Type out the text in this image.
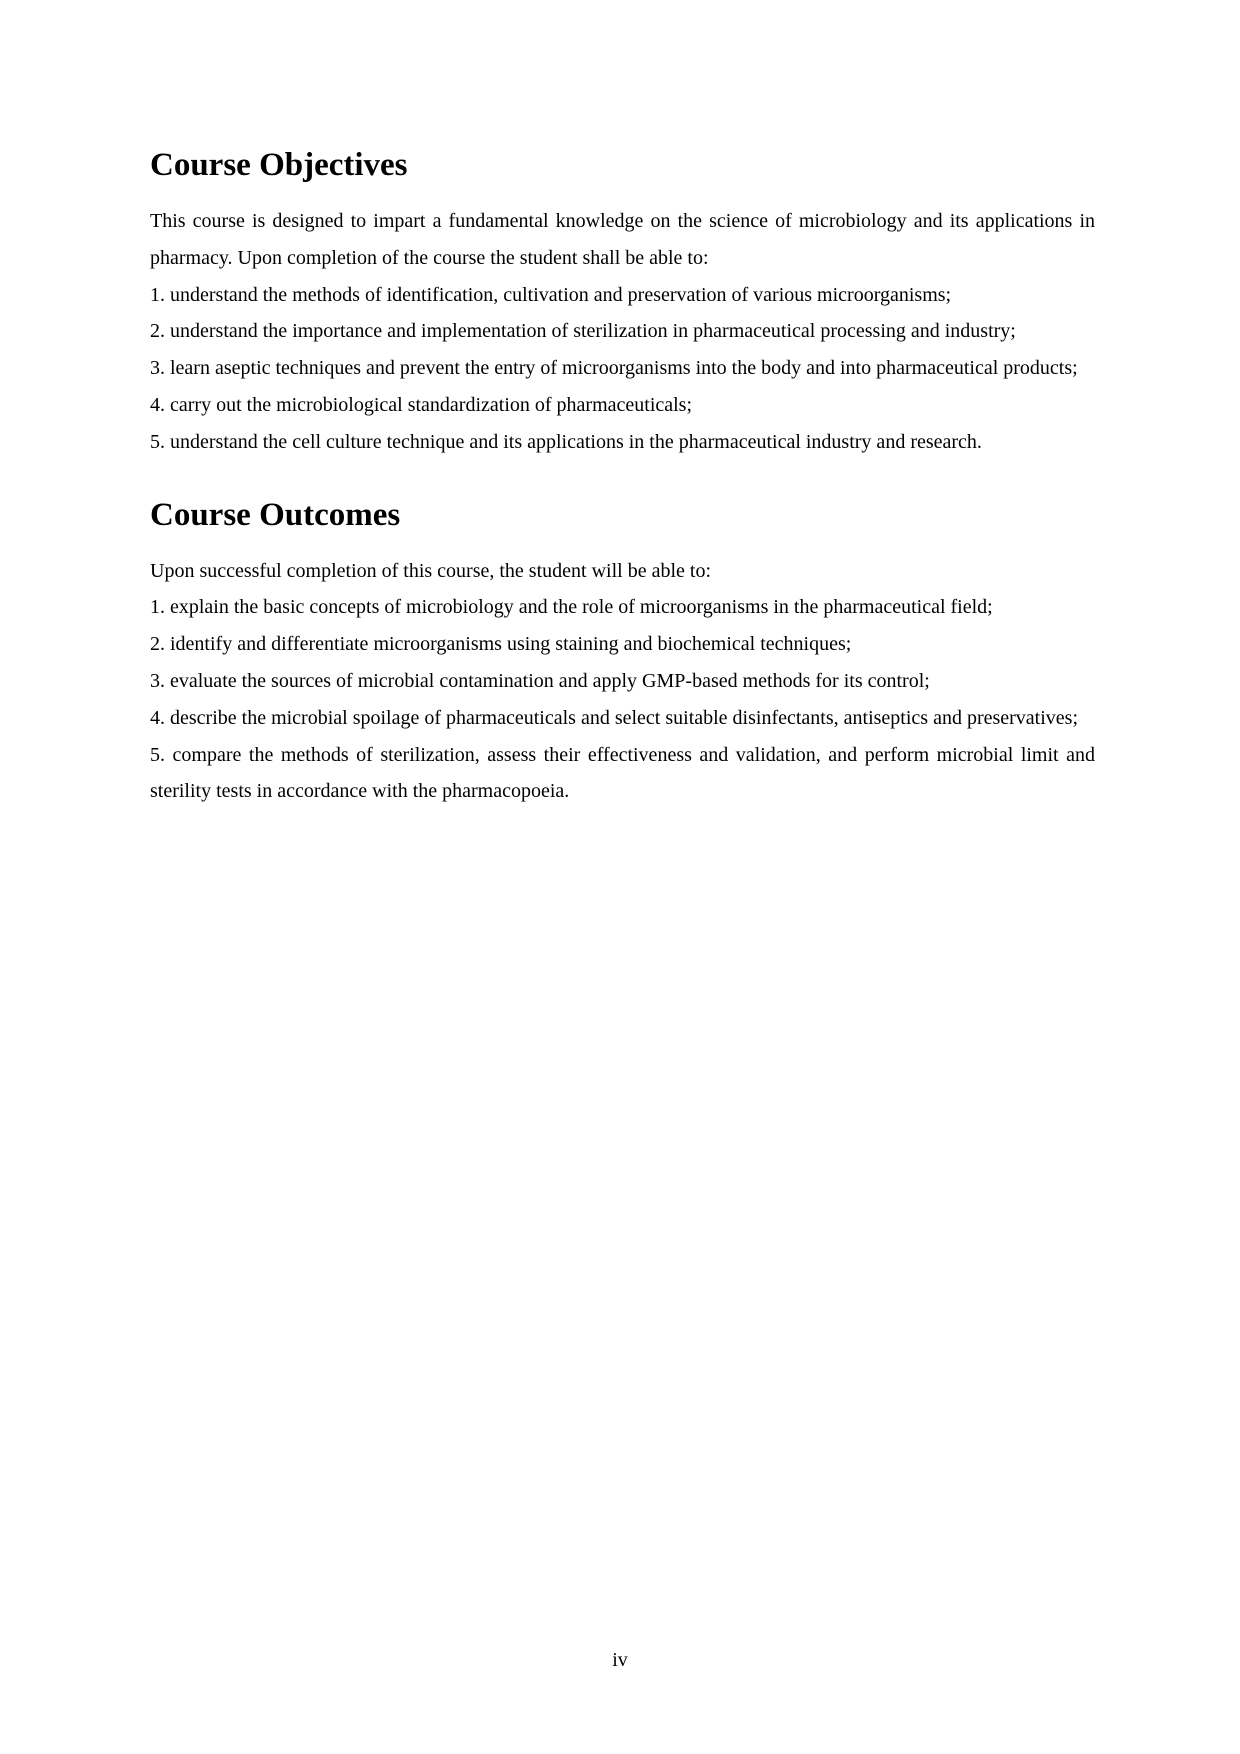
Course Objectives

This course is designed to impart a fundamental knowledge on the science of microbiology and its applications in pharmacy. Upon completion of the course the student shall be able to:

1. understand the methods of identification, cultivation and preservation of various microorganisms;

2. understand the importance and implementation of sterilization in pharmaceutical processing and industry;

3. learn aseptic techniques and prevent the entry of microorganisms into the body and into pharmaceutical products;

4. carry out the microbiological standardization of pharmaceuticals;

5. understand the cell culture technique and its applications in the pharmaceutical industry and research.

Course Outcomes

Upon successful completion of this course, the student will be able to:

1. explain the basic concepts of microbiology and the role of microorganisms in the pharmaceutical field;

2. identify and differentiate microorganisms using staining and biochemical techniques;

3. evaluate the sources of microbial contamination and apply GMP-based methods for its control;

4. describe the microbial spoilage of pharmaceuticals and select suitable disinfectants, antiseptics and preservatives;

5. compare the methods of sterilization, assess their effectiveness and validation, and perform microbial limit and sterility tests in accordance with the pharmacopoeia.

iv
